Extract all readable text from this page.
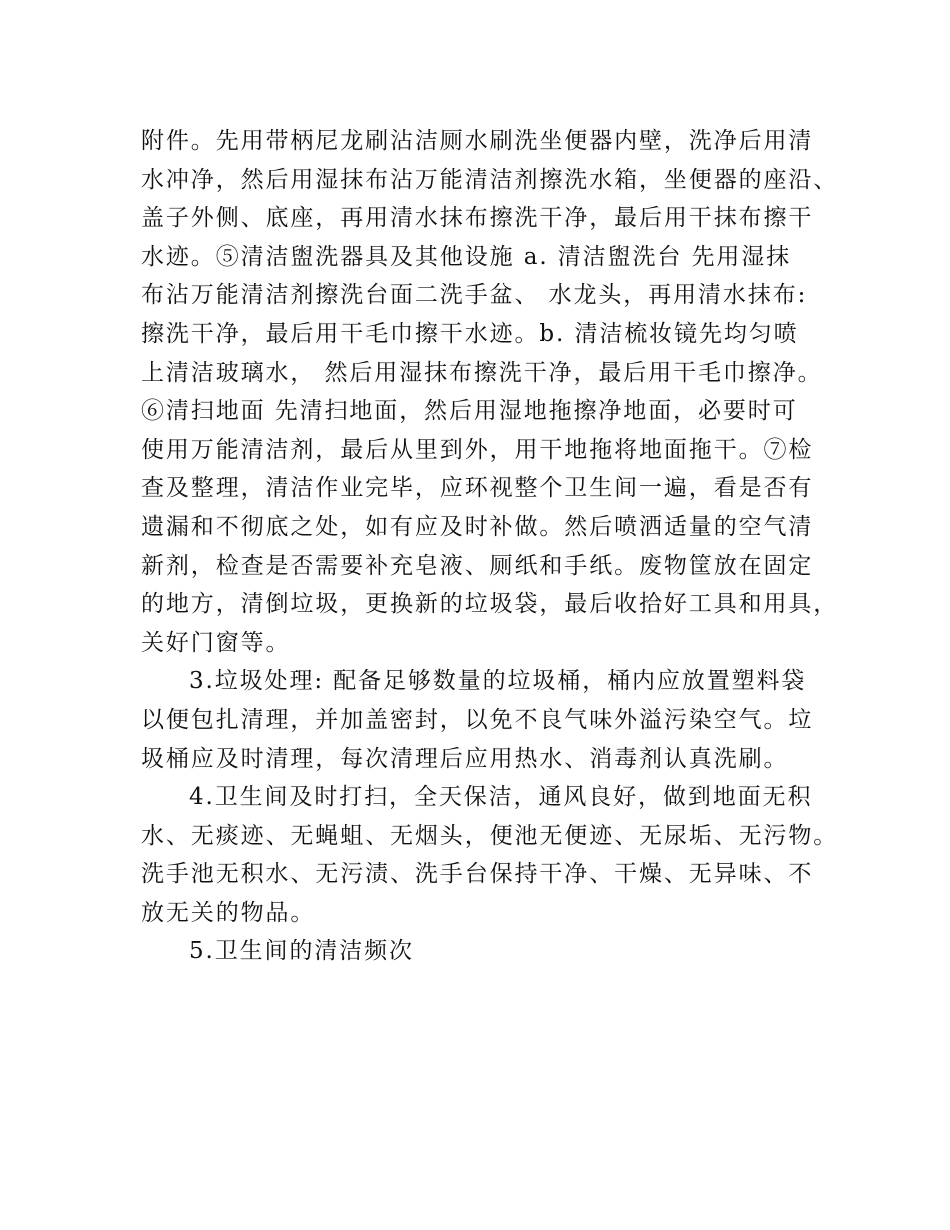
附件。先用带柄尼龙刷沾洁厕水刷洗坐便器内壁，洗净后用清
水冲净，然后用湿抹布沾万能清洁剂擦洗水箱，坐便器的座沿、
盖子外侧、底座，再用清水抹布擦洗干净，最后用干抹布擦干
水迹。⑤清洁盥洗器具及其他设施 a. 清洁盥洗台 先用湿抹
布沾万能清洁剂擦洗台面二洗手盆、 水龙头，再用清水抹布:
擦洗干净，最后用干毛巾擦干水迹。b. 清洁梳妆镜先均匀喷
上清洁玻璃水， 然后用湿抹布擦洗干净，最后用干毛巾擦净。
⑥清扫地面 先清扫地面，然后用湿地拖擦净地面，必要时可
使用万能清洁剂，最后从里到外，用干地拖将地面拖干。⑦检
查及整理，清洁作业完毕，应环视整个卫生间一遍，看是否有
遗漏和不彻底之处，如有应及时补做。然后喷洒适量的空气清
新剂，检查是否需要补充皂液、厕纸和手纸。废物筐放在固定
的地方，清倒垃圾，更换新的垃圾袋，最后收拾好工具和用具，
关好门窗等。
3.垃圾处理: 配备足够数量的垃圾桶，桶内应放置塑料袋
以便包扎清理，并加盖密封，以免不良气味外溢污染空气。垃
圾桶应及时清理，每次清理后应用热水、消毒剂认真洗刷。
4.卫生间及时打扫，全天保洁，通风良好，做到地面无积
水、无痰迹、无蝇蛆、无烟头，便池无便迹、无尿垢、无污物。
洗手池无积水、无污渍、洗手台保持干净、干燥、无异味、不
放无关的物品。
5.卫生间的清洁频次
